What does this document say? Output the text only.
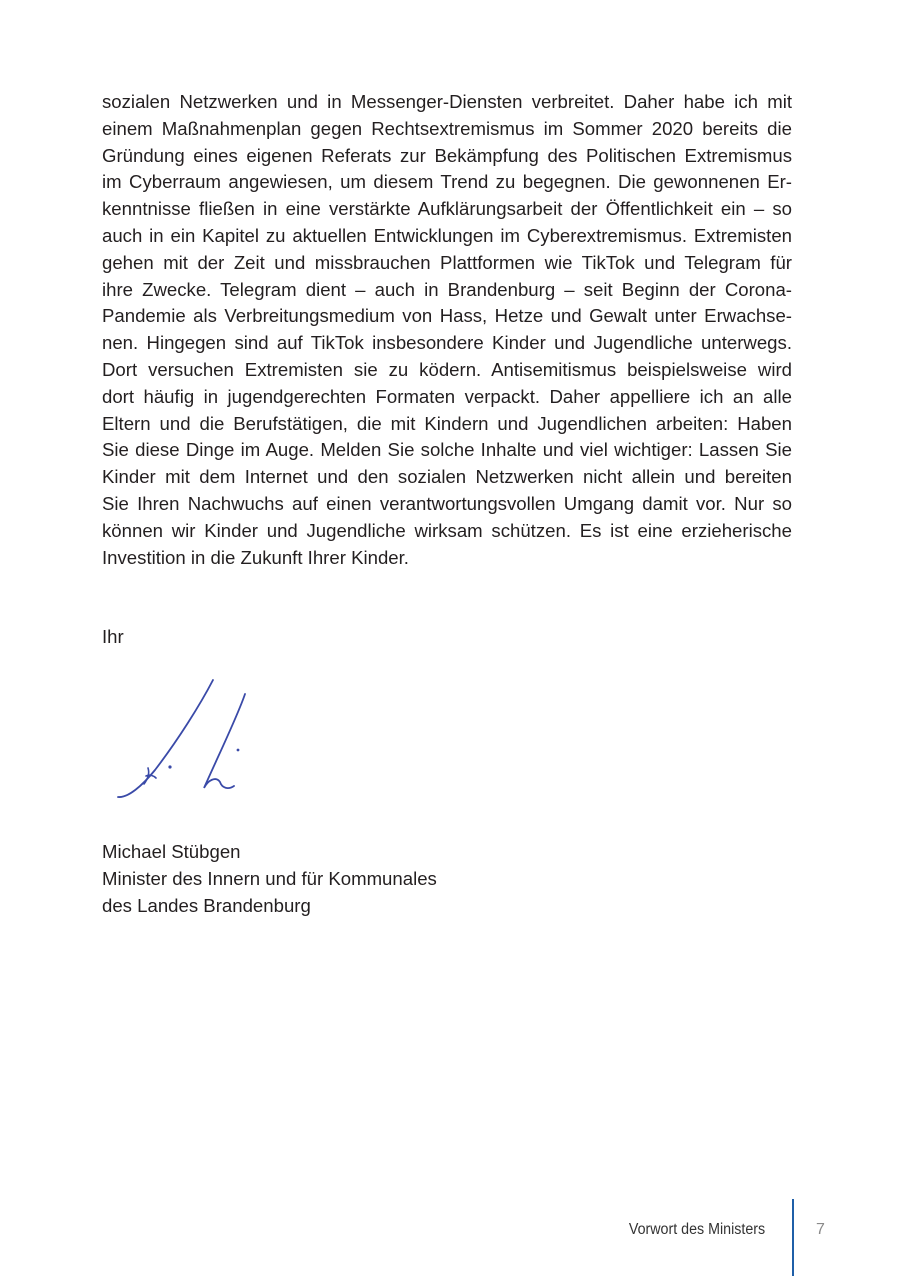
sozialen Netzwerken und in Messenger-Diensten verbreitet. Daher habe ich mit
einem Maßnahmenplan gegen Rechtsextremismus im Sommer 2020 bereits die
Gründung eines eigenen Referats zur Bekämpfung des Politischen Extremismus
im Cyberraum angewiesen, um diesem Trend zu begegnen. Die gewonnenen Er-
kenntnisse fließen in eine verstärkte Aufklärungsarbeit der Öffentlichkeit ein – so
auch in ein Kapitel zu aktuellen Entwicklungen im Cyberextremismus. Extremisten
gehen mit der Zeit und missbrauchen Plattformen wie TikTok und Telegram für
ihre Zwecke. Telegram dient – auch in Brandenburg – seit Beginn der Corona-
Pandemie als Verbreitungsmedium von Hass, Hetze und Gewalt unter Erwachse-
nen. Hingegen sind auf TikTok insbesondere Kinder und Jugendliche unterwegs.
Dort versuchen Extremisten sie zu ködern. Antisemitismus beispielsweise wird
dort häufig in jugendgerechten Formaten verpackt. Daher appelliere ich an alle
Eltern und die Berufstätigen, die mit Kindern und Jugendlichen arbeiten: Haben
Sie diese Dinge im Auge. Melden Sie solche Inhalte und viel wichtiger: Lassen Sie
Kinder mit dem Internet und den sozialen Netzwerken nicht allein und bereiten
Sie Ihren Nachwuchs auf einen verantwortungsvollen Umgang damit vor. Nur so
können wir Kinder und Jugendliche wirksam schützen. Es ist eine erzieherische
Investition in die Zukunft Ihrer Kinder.

Ihr

Michael Stübgen
Minister des Innern und für Kommunales
des Landes Brandenburg
Vorwort des Ministers	7
